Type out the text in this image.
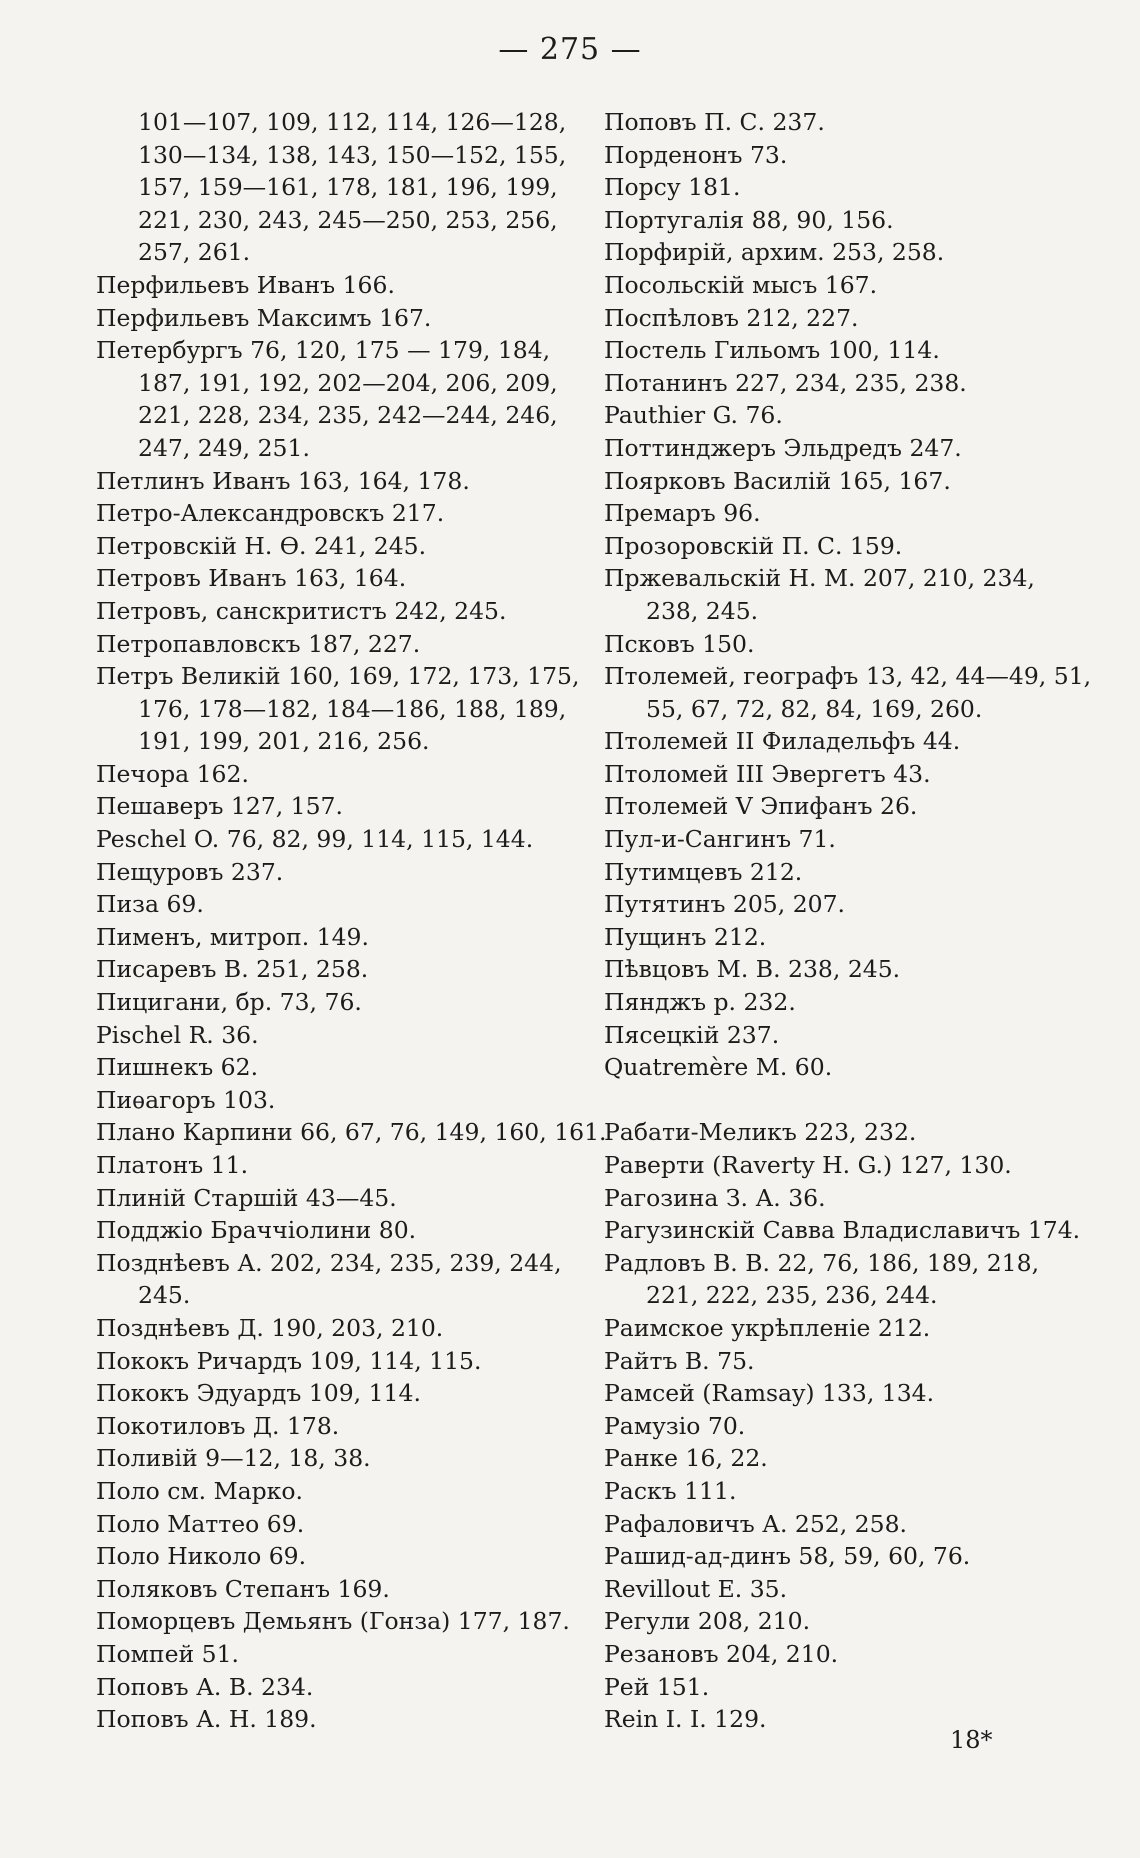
— 275 —
101—107, 109, 112, 114, 126—128,
130—134, 138, 143, 150—152, 155,
157, 159—161, 178, 181, 196, 199,
221, 230, 243, 245—250, 253, 256,
257, 261.
Перфильевъ Иванъ 166.
Перфильевъ Максимъ 167.
Петербургъ 76, 120, 175 — 179, 184,
187, 191, 192, 202—204, 206, 209,
221, 228, 234, 235, 242—244, 246,
247, 249, 251.
Петлинъ Иванъ 163, 164, 178.
Петро-Александровскъ 217.
Петровскій Н. Ѳ. 241, 245.
Петровъ Иванъ 163, 164.
Петровъ, санскритистъ 242, 245.
Петропавловскъ 187, 227.
Петръ Великій 160, 169, 172, 173, 175,
176, 178—182, 184—186, 188, 189,
191, 199, 201, 216, 256.
Печора 162.
Пешаверъ 127, 157.
Peschel O. 76, 82, 99, 114, 115, 144.
Пещуровъ 237.
Пиза 69.
Пименъ, митроп. 149.
Писаревъ В. 251, 258.
Пицигани, бр. 73, 76.
Pischel R. 36.
Пишнекъ 62.
Пиѳагоръ 103.
Плано Карпини 66, 67, 76, 149, 160, 161.
Платонъ 11.
Плиній Старшій 43—45.
Подджіо Браччіолини 80.
Позднѣевъ А. 202, 234, 235, 239, 244,
245.
Позднѣевъ Д. 190, 203, 210.
Пококъ Ричардъ 109, 114, 115.
Пококъ Эдуардъ 109, 114.
Покотиловъ Д. 178.
Поливій 9—12, 18, 38.
Поло см. Марко.
Поло Маттео 69.
Поло Николо 69.
Поляковъ Степанъ 169.
Поморцевъ Демьянъ (Гонза) 177, 187.
Помпей 51.
Поповъ А. В. 234.
Поповъ А. Н. 189.
Поповъ П. С. 237.
Порденонъ 73.
Порсу 181.
Португалія 88, 90, 156.
Порфирій, архим. 253, 258.
Посольскій мысъ 167.
Поспѣловъ 212, 227.
Постель Гильомъ 100, 114.
Потанинъ 227, 234, 235, 238.
Pauthier G. 76.
Поттинджеръ Эльдредъ 247.
Поярковъ Василій 165, 167.
Премаръ 96.
Прозоровскій П. С. 159.
Пржевальскій Н. М. 207, 210, 234,
238, 245.
Псковъ 150.
Птолемей, географъ 13, 42, 44—49, 51,
55, 67, 72, 82, 84, 169, 260.
Птолемей II Филадельфъ 44.
Птоломей III Эвергетъ 43.
Птолемей V Эпифанъ 26.
Пул-и-Сангинъ 71.
Путимцевъ 212.
Путятинъ 205, 207.
Пущинъ 212.
Пѣвцовъ М. В. 238, 245.
Пянджъ р. 232.
Пясецкій 237.
Quatremère M. 60.
Рабати-Меликъ 223, 232.
Раверти (Raverty H. G.) 127, 130.
Рагозина З. А. 36.
Рагузинскій Савва Владиславичъ 174.
Радловъ В. В. 22, 76, 186, 189, 218,
221, 222, 235, 236, 244.
Раимское укрѣпленіе 212.
Райтъ В. 75.
Рамсей (Ramsay) 133, 134.
Рамузіо 70.
Ранке 16, 22.
Раскъ 111.
Рафаловичъ А. 252, 258.
Рашид-ад-динъ 58, 59, 60, 76.
Revillout E. 35.
Регули 208, 210.
Резановъ 204, 210.
Рей 151.
Rein I. I. 129.
18*
